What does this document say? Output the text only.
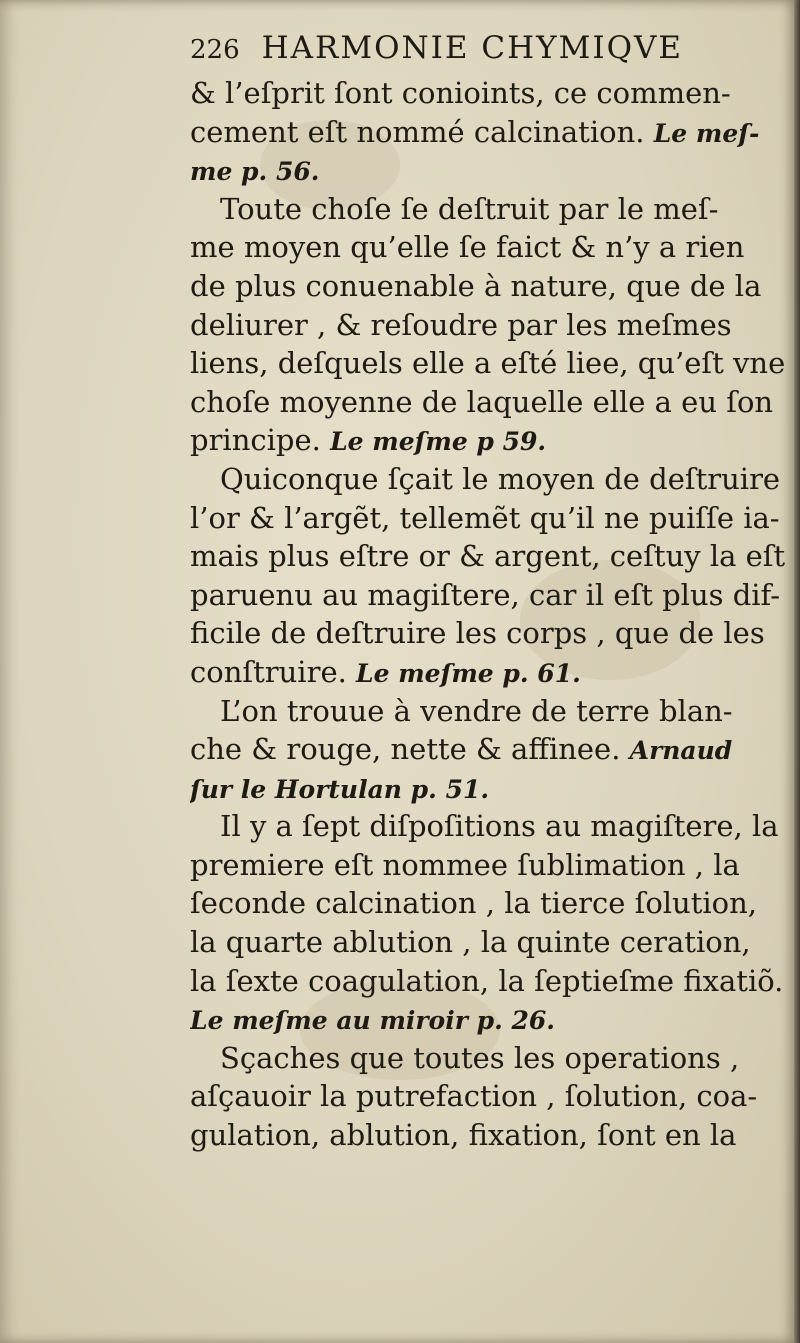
226 HARMONIE CHYMIQVE
& l’eſprit ſont conioints, ce commen-
cement eſt nommé calcination. Le meſ-
me p. 56.
Toute choſe ſe deſtruit par le meſ-
me moyen qu’elle ſe faict & n’y a rien
de plus conuenable à nature, que de la
deliurer , & reſoudre par les meſmes
liens, deſquels elle a eſté liee, qu’eſt vne
choſe moyenne de laquelle elle a eu ſon
principe. Le meſme p 59.
Quiconque ſçait le moyen de deſtruire
l’or & l’argẽt, tellemẽt qu’il ne puiſſe ia-
mais plus eſtre or & argent, ceſtuy la eſt
paruenu au magiſtere, car il eſt plus dif-
ficile de deſtruire les corps , que de les
conſtruire. Le meſme p. 61.
L’on trouue à vendre de terre blan-
che & rouge, nette & affinee. Arnaud
ſur le Hortulan p. 51.
Il y a ſept diſpoſitions au magiſtere, la
premiere eſt nommee ſublimation , la
ſeconde calcination , la tierce ſolution,
la quarte ablution , la quinte ceration,
la ſexte coagulation, la ſeptieſme fixatiõ.
Le meſme au miroir p. 26.
Sçaches que toutes les operations ,
aſçauoir la putrefaction , ſolution, coa-
gulation, ablution, fixation, ſont en la
